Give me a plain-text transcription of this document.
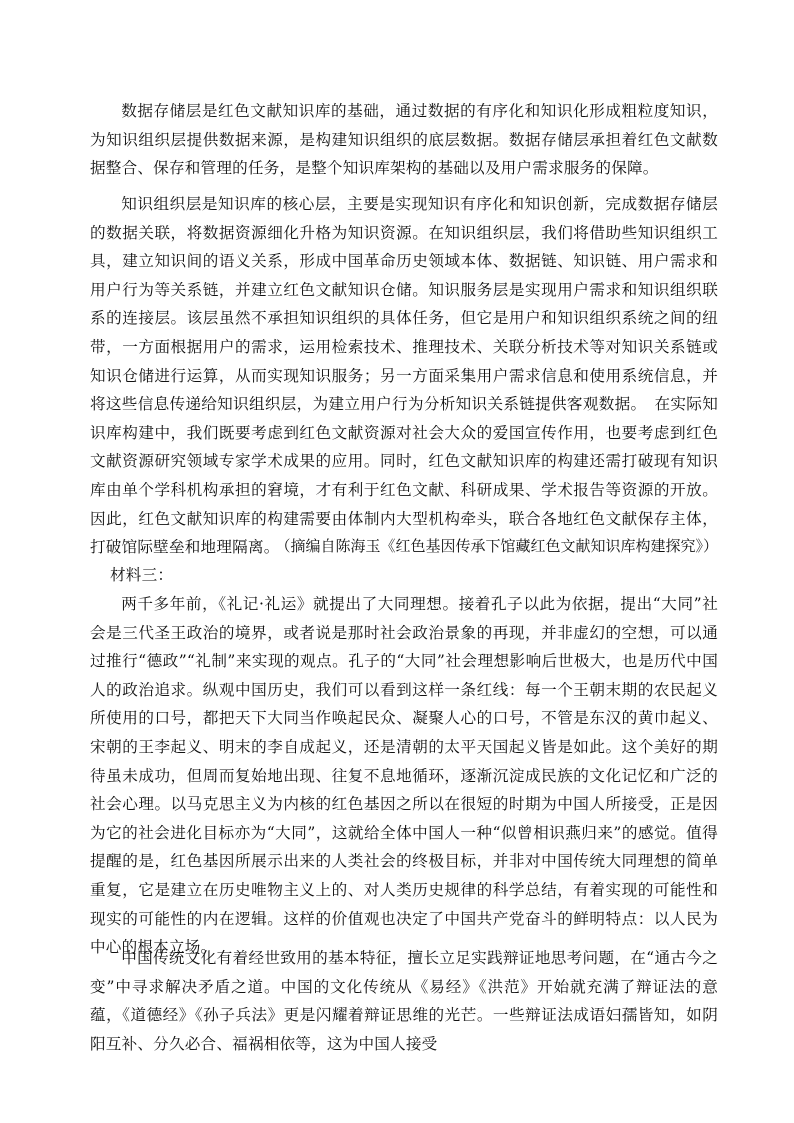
数据存储层是红色文献知识库的基础，通过数据的有序化和知识化形成粗粒度知识，为知识组织层提供数据来源，是构建知识组织的底层数据。数据存储层承担着红色文献数据整合、保存和管理的任务，是整个知识库架构的基础以及用户需求服务的保障。

知识组织层是知识库的核心层，主要是实现知识有序化和知识创新，完成数据存储层的数据关联，将数据资源细化升格为知识资源。在知识组织层，我们将借助些知识组织工具，建立知识间的语义关系，形成中国革命历史领域本体、数据链、知识链、用户需求和用户行为等关系链，并建立红色文献知识仓储。知识服务层是实现用户需求和知识组织联系的连接层。该层虽然不承担知识组织的具体任务，但它是用户和知识组织系统之间的纽带，一方面根据用户的需求，运用检索技术、推理技术、关联分析技术等对知识关系链或知识仓储进行运算，从而实现知识服务；另一方面采集用户需求信息和使用系统信息，并将这些信息传递给知识组织层，为建立用户行为分析知识关系链提供客观数据。　在实际知识库构建中，我们既要考虑到红色文献资源对社会大众的爱国宣传作用，也要考虑到红色文献资源研究领域专家学术成果的应用。同时，红色文献知识库的构建还需打破现有知识库由单个学科机构承担的窘境，才有利于红色文献、科研成果、学术报告等资源的开放。因此，红色文献知识库的构建需要由体制内大型机构牵头，联合各地红色文献保存主体，打破馆际壁垒和地理隔离。

（摘编自陈海玉《红色基因传承下馆藏红色文献知识库构建探究》）

材料三：

两千多年前，《礼记·礼运》就提出了大同理想。接着孔子以此为依据，提出“大同”社会是三代圣王政治的境界，或者说是那时社会政治景象的再现，并非虚幻的空想，可以通过推行“德政”“礼制”来实现的观点。孔子的“大同”社会理想影响后世极大，也是历代中国人的政治追求。纵观中国历史，我们可以看到这样一条红线：每一个王朝末期的农民起义所使用的口号，都把天下大同当作唤起民众、凝聚人心的口号，不管是东汉的黄巾起义、宋朝的王李起义、明末的李自成起义，还是清朝的太平天国起义皆是如此。这个美好的期待虽未成功，但周而复始地出现、往复不息地循环，逐渐沉淀成民族的文化记忆和广泛的社会心理。以马克思主义为内核的红色基因之所以在很短的时期为中国人所接受，正是因为它的社会进化目标亦为“大同”，这就给全体中国人一种“似曾相识燕归来”的感觉。值得提醒的是，红色基因所展示出来的人类社会的终极目标，并非对中国传统大同理想的简单重复，它是建立在历史唯物主义上的、对人类历史规律的科学总结，有着实现的可能性和现实的可能性的内在逻辑。这样的价值观也决定了中国共产党奋斗的鲜明特点：以人民为中心的根本立场。

中国传统文化有着经世致用的基本特征，擅长立足实践辩证地思考问题，在“通古今之变”中寻求解决矛盾之道。中国的文化传统从《易经》《洪范》开始就充满了辩证法的意蕴，《道德经》《孙子兵法》更是闪耀着辩证思维的光芒。一些辩证法成语妇孺皆知，如阴阳互补、分久必合、福祸相依等，这为中国人接受
